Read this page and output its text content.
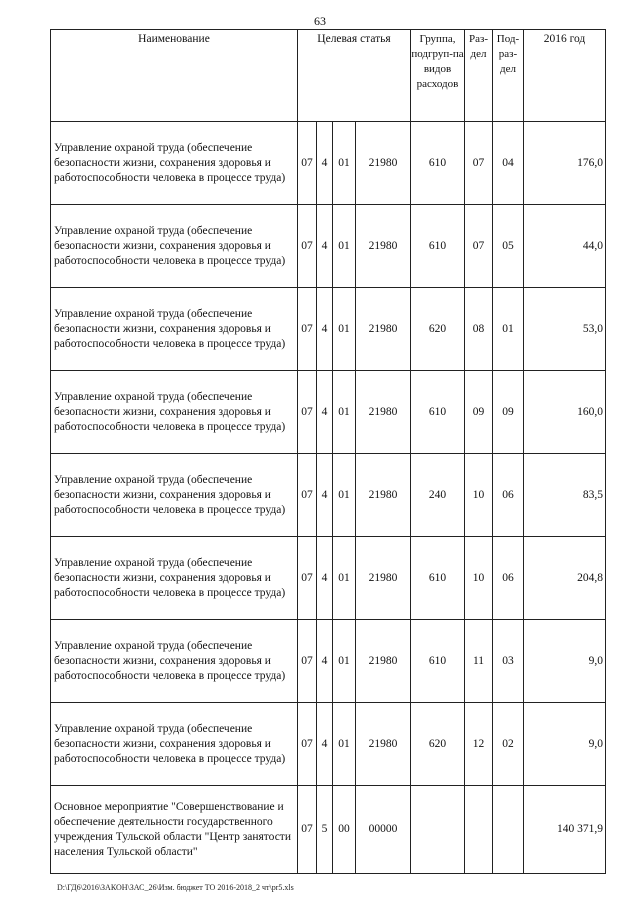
63
Наименование	Целевая статья				Группа, подгруп-па видов расходов	Раз-дел	Под-раз-дел	2016 год
Управление охраной труда (обеспечение безопасности жизни, сохранения здоровья и работоспособности человека в процессе труда)	07	4	01	21980	610	07	04	176,0
Управление охраной труда (обеспечение безопасности жизни, сохранения здоровья и работоспособности человека в процессе труда)	07	4	01	21980	610	07	05	44,0
Управление охраной труда (обеспечение безопасности жизни, сохранения здоровья и работоспособности человека в процессе труда)	07	4	01	21980	620	08	01	53,0
Управление охраной труда (обеспечение безопасности жизни, сохранения здоровья и работоспособности человека в процессе труда)	07	4	01	21980	610	09	09	160,0
Управление охраной труда (обеспечение безопасности жизни, сохранения здоровья и работоспособности человека в процессе труда)	07	4	01	21980	240	10	06	83,5
Управление охраной труда (обеспечение безопасности жизни, сохранения здоровья и работоспособности человека в процессе труда)	07	4	01	21980	610	10	06	204,8
Управление охраной труда (обеспечение безопасности жизни, сохранения здоровья и работоспособности человека в процессе труда)	07	4	01	21980	610	11	03	9,0
Управление охраной труда (обеспечение безопасности жизни, сохранения здоровья и работоспособности человека в процессе труда)	07	4	01	21980	620	12	02	9,0
Основное мероприятие "Совершенствование и обеспечение деятельности государственного учреждения Тульской области "Центр занятости населения Тульской области"	07	5	00	00000				140 371,9
D:\ГД6\2016\ЗАКОН\ЗАС_26\Изм. бюджет ТО 2016-2018_2 чт\pr5.xls
